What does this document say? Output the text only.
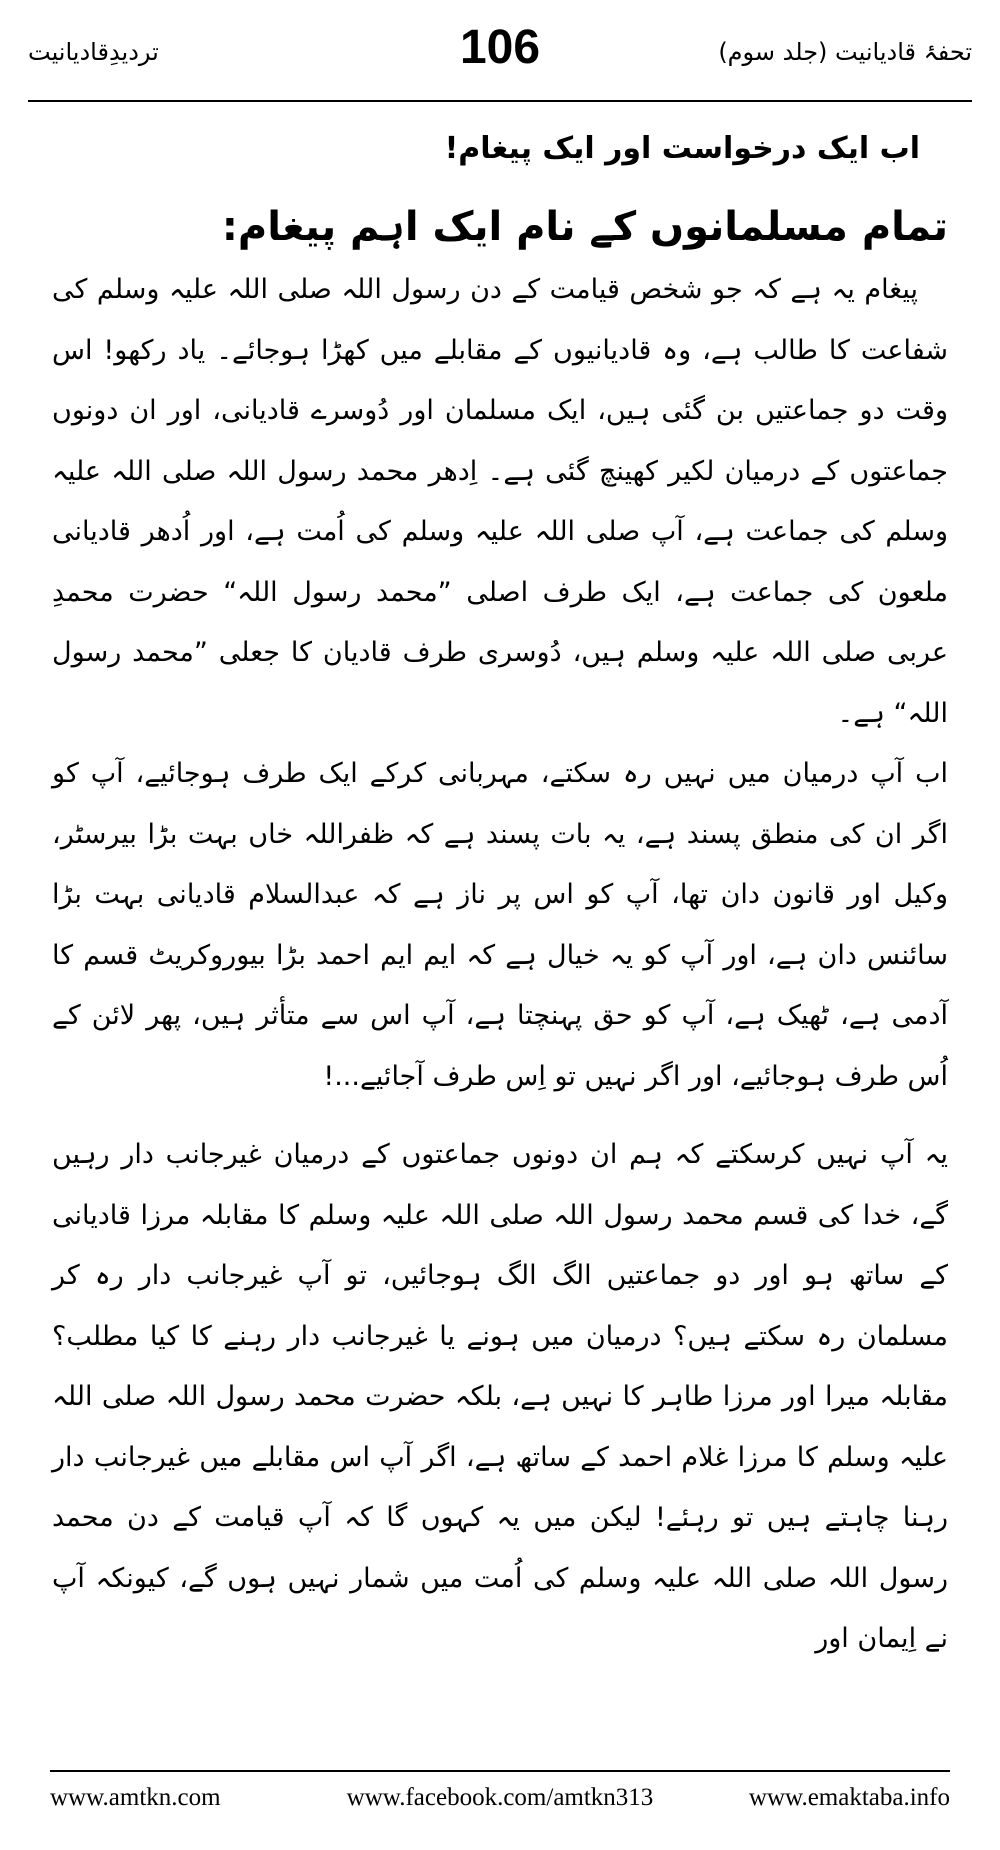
تردیدِقادیانیت	106	تحفۂ قادیانیت (جلد سوم)
اب ایک درخواست اور ایک پیغام!
تمام مسلمانوں کے نام ایک اہم پیغام:

پیغام یہ ہے کہ جو شخص قیامت کے دن رسول اللہ صلی اللہ علیہ وسلم کی شفاعت کا طالب ہے، وہ قادیانیوں کے مقابلے میں کھڑا ہوجائے۔ یاد رکھو! اس وقت دو جماعتیں بن گئی ہیں، ایک مسلمان اور دُوسرے قادیانی، اور ان دونوں جماعتوں کے درمیان لکیر کھینچ گئی ہے۔ اِدھر محمد رسول اللہ صلی اللہ علیہ وسلم کی جماعت ہے، آپ صلی اللہ علیہ وسلم کی اُمت ہے، اور اُدھر قادیانی ملعون کی جماعت ہے، ایک طرف اصلی ”محمد رسول اللہ“ حضرت محمدِ عربی صلی اللہ علیہ وسلم ہیں، دُوسری طرف قادیان کا جعلی ”محمد رسول اللہ“ ہے۔

اب آپ درمیان میں نہیں رہ سکتے، مہربانی کرکے ایک طرف ہوجائیے، آپ کو اگر ان کی منطق پسند ہے، یہ بات پسند ہے کہ ظفراللہ خاں بہت بڑا بیرسٹر، وکیل اور قانون دان تھا، آپ کو اس پر ناز ہے کہ عبدالسلام قادیانی بہت بڑا سائنس دان ہے، اور آپ کو یہ خیال ہے کہ ایم ایم احمد بڑا بیوروکریٹ قسم کا آدمی ہے، ٹھیک ہے، آپ کو حق پہنچتا ہے، آپ اس سے متأثر ہیں، پھر لائن کے اُس طرف ہوجائیے، اور اگر نہیں تو اِس طرف آجائیے...!

یہ آپ نہیں کرسکتے کہ ہم ان دونوں جماعتوں کے درمیان غیرجانب دار رہیں گے، خدا کی قسم محمد رسول اللہ صلی اللہ علیہ وسلم کا مقابلہ مرزا قادیانی کے ساتھ ہو اور دو جماعتیں الگ الگ ہوجائیں، تو آپ غیرجانب دار رہ کر مسلمان رہ سکتے ہیں؟ درمیان میں ہونے یا غیرجانب دار رہنے کا کیا مطلب؟ مقابلہ میرا اور مرزا طاہر کا نہیں ہے، بلکہ حضرت محمد رسول اللہ صلی اللہ علیہ وسلم کا مرزا غلام احمد کے ساتھ ہے، اگر آپ اس مقابلے میں غیرجانب دار رہنا چاہتے ہیں تو رہئے! لیکن میں یہ کہوں گا کہ آپ قیامت کے دن محمد رسول اللہ صلی اللہ علیہ وسلم کی اُمت میں شمار نہیں ہوں گے، کیونکہ آپ نے اِیمان اور

www.amtkn.com	www.facebook.com/amtkn313	www.emaktaba.info
